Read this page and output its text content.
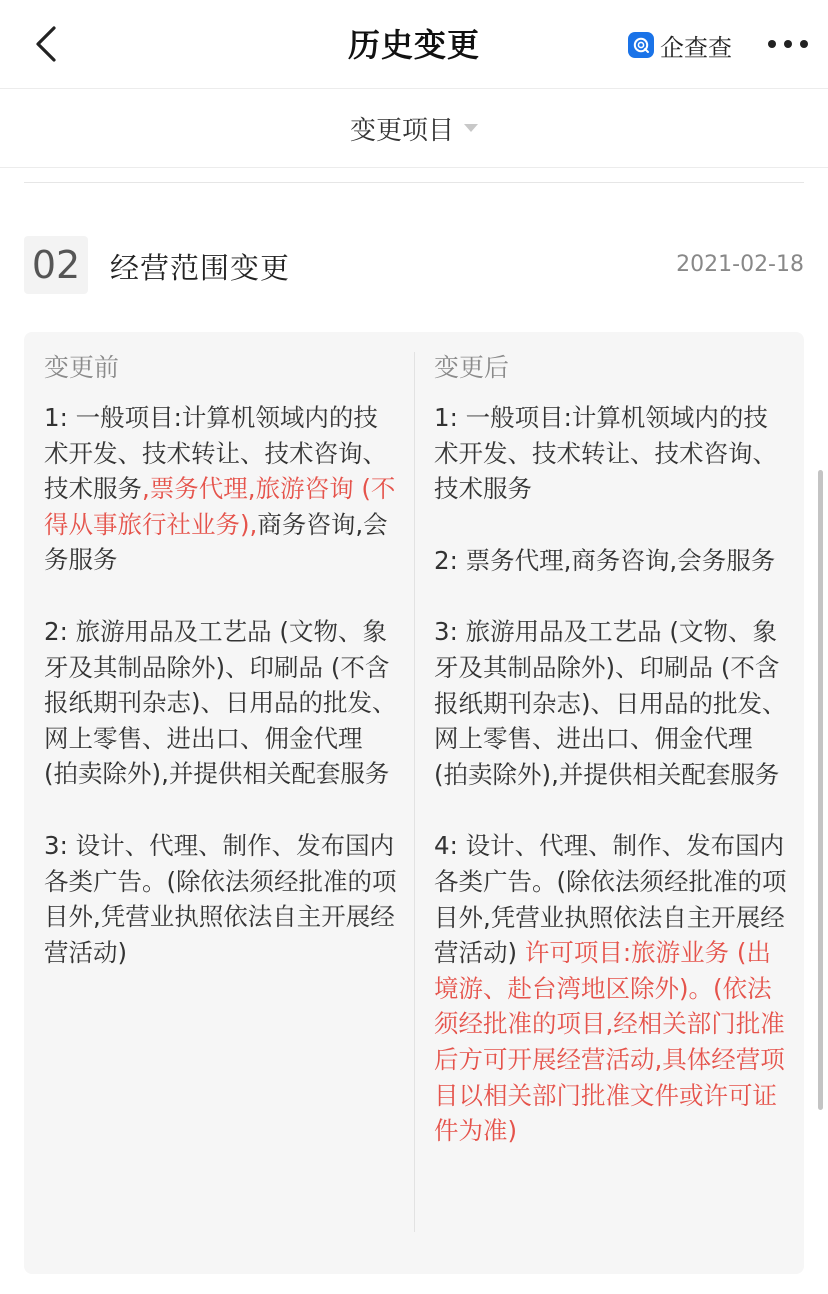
历史变更	企查查
变更项目
02 经营范围变更	2021-02-18
变更前

1: 一般项目:计算机领域内的技术开发、技术转让、技术咨询、技术服务,票务代理,旅游咨询 (不得从事旅行社业务),商务咨询,会务服务

2: 旅游用品及工艺品 (文物、象牙及其制品除外)、印刷品 (不含报纸期刊杂志)、日用品的批发、网上零售、进出口、佣金代理 (拍卖除外),并提供相关配套服务

3: 设计、代理、制作、发布国内各类广告。(除依法须经批准的项目外,凭营业执照依法自主开展经营活动)

变更后

1: 一般项目:计算机领域内的技术开发、技术转让、技术咨询、技术服务

2: 票务代理,商务咨询,会务服务

3: 旅游用品及工艺品 (文物、象牙及其制品除外)、印刷品 (不含报纸期刊杂志)、日用品的批发、网上零售、进出口、佣金代理 (拍卖除外),并提供相关配套服务

4: 设计、代理、制作、发布国内各类广告。(除依法须经批准的项目外,凭营业执照依法自主开展经营活动) 许可项目:旅游业务 (出境游、赴台湾地区除外)。(依法须经批准的项目,经相关部门批准后方可开展经营活动,具体经营项目以相关部门批准文件或许可证件为准)
